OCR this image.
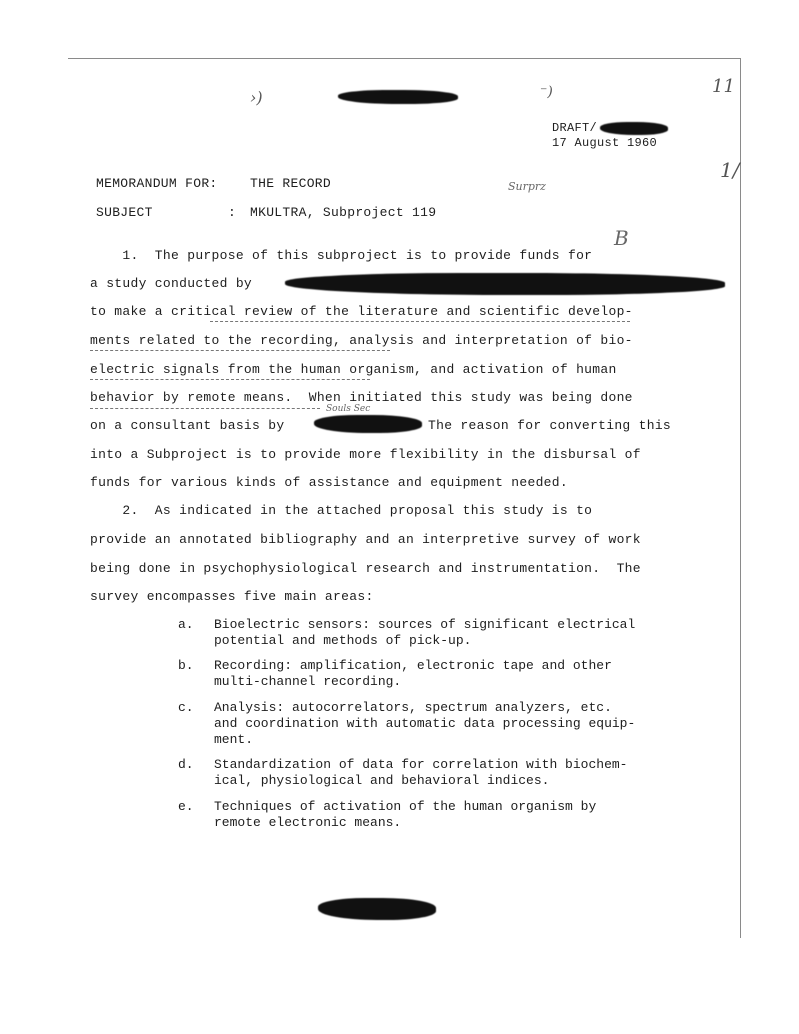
›)	⁻)	11
1/
DRAFT/
17 August 1960
Surprz
B
Souls Sec
MEMORANDUM FOR: THE RECORD
SUBJECT	: MKULTRA, Subproject 119
1.  The purpose of this subproject is to provide funds for
a study conducted by
to make a critical review of the literature and scientific develop-
ments related to the recording, analysis and interpretation of bio-
electric signals from the human organism, and activation of human
behavior by remote means.  When initiated this study was being done
on a consultant basis by	The reason for converting this
into a Subproject is to provide more flexibility in the disbursal of
funds for various kinds of assistance and equipment needed.
2.  As indicated in the attached proposal this study is to
provide an annotated bibliography and an interpretive survey of work
being done in psychophysiological research and instrumentation.  The
survey encompasses five main areas:
a. Bioelectric sensors: sources of significant electrical
potential and methods of pick-up.
b. Recording: amplification, electronic tape and other
multi-channel recording.
c. Analysis: autocorrelators, spectrum analyzers, etc.
and coordination with automatic data processing equip-
ment.
d. Standardization of data for correlation with biochem-
ical, physiological and behavioral indices.
e. Techniques of activation of the human organism by
remote electronic means.
